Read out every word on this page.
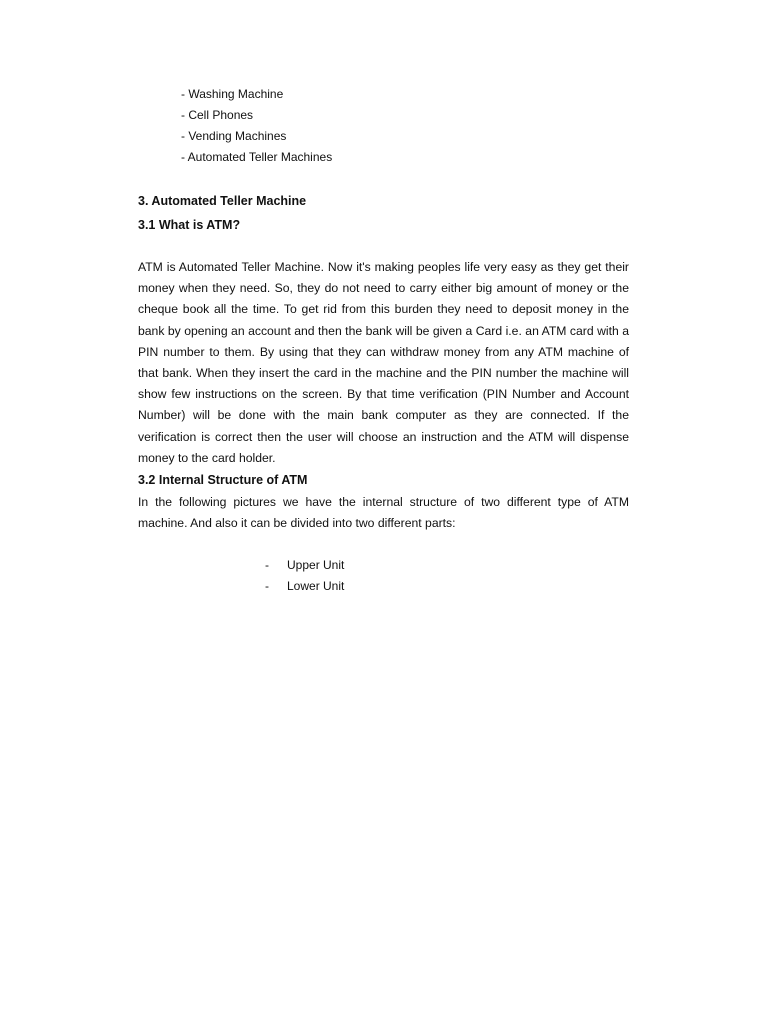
- Washing Machine
- Cell Phones
- Vending Machines
- Automated Teller Machines
3. Automated Teller Machine
3.1 What is ATM?

ATM is Automated Teller Machine. Now it's making peoples life very easy as they get their money when they need. So, they do not need to carry either big amount of money or the cheque book all the time. To get rid from this burden they need to deposit money in the bank by opening an account and then the bank will be given a Card i.e. an ATM card with a PIN number to them. By using that they can withdraw money from any ATM machine of that bank. When they insert the card in the machine and the PIN number the machine will show few instructions on the screen. By that time verification (PIN Number and Account Number) will be done with the main bank computer as they are connected. If the verification is correct then the user will choose an instruction and the ATM will dispense money to the card holder.

3.2 Internal Structure of ATM

In the following pictures we have the internal structure of two different type of ATM machine. And also it can be divided into two different parts:

-	Upper Unit
-	Lower Unit
